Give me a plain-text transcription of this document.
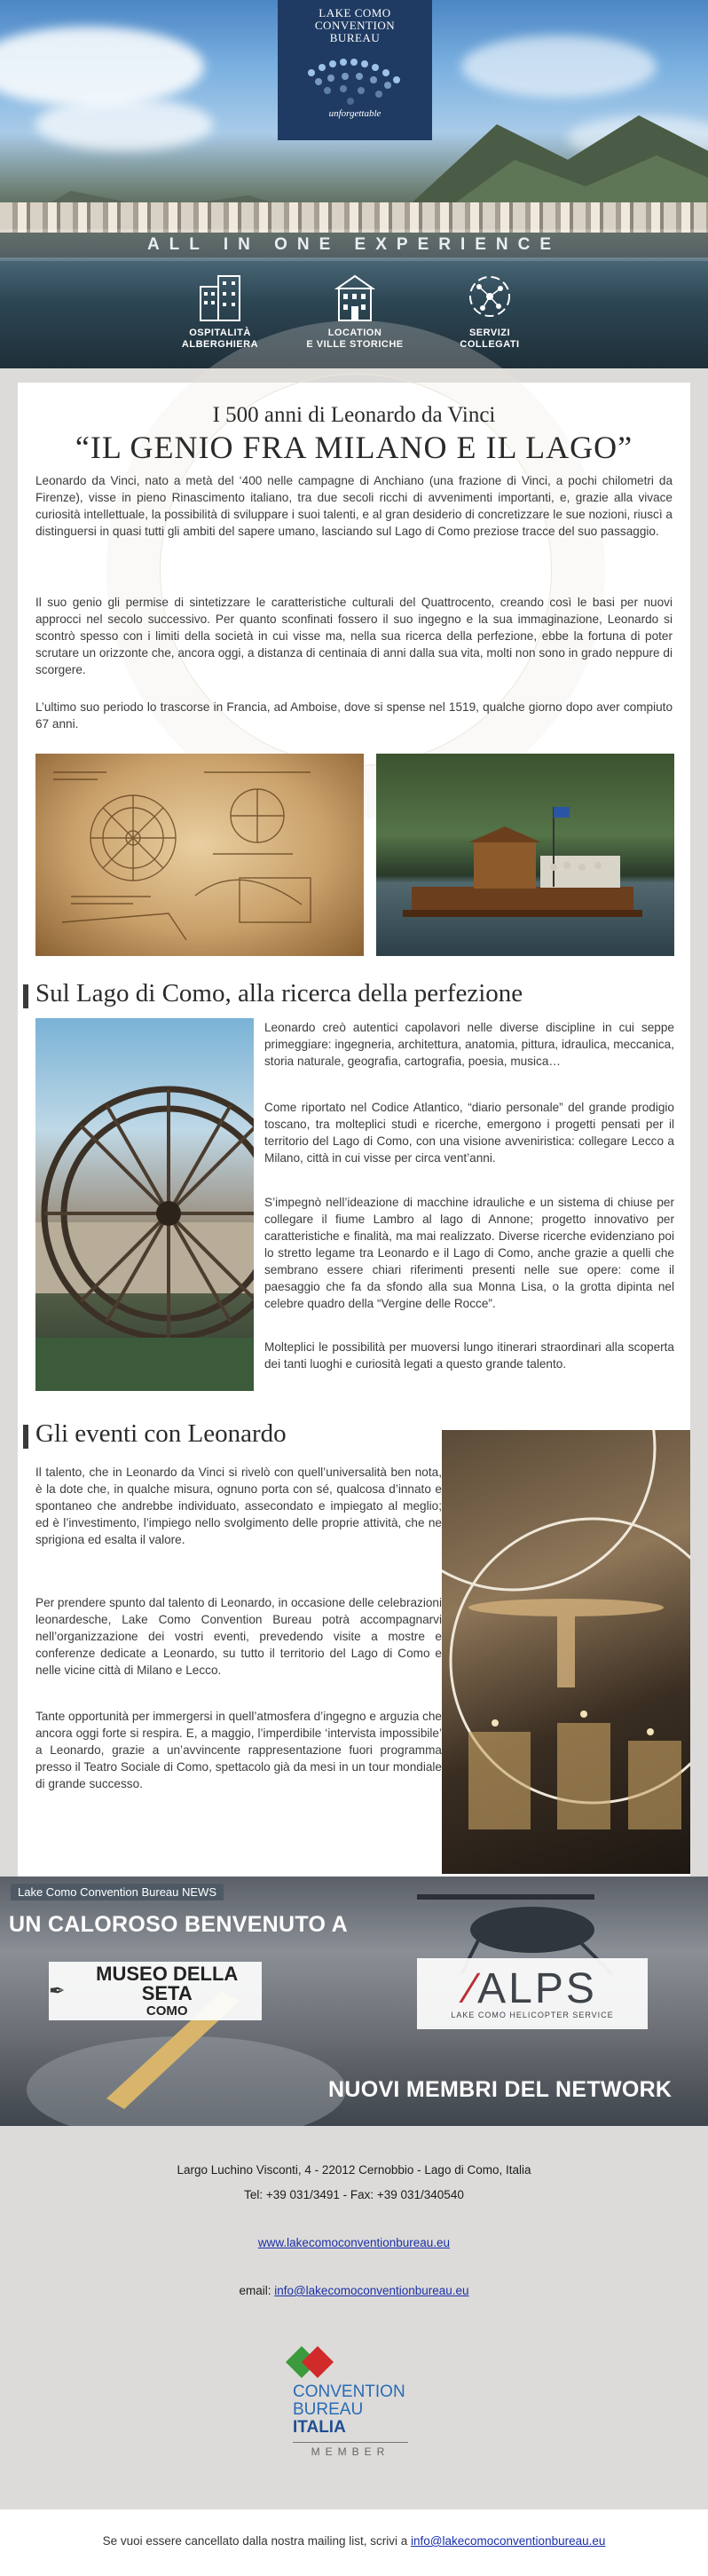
LAKE COMO
CONVENTION
BUREAU
unforgettable
NETWORK
ALL IN ONE EXPERIENCE
OSPITALITÀ
ALBERGHIERA
LOCATION
E VILLE STORICHE
SERVIZI
COLLEGATI
I 500 anni di Leonardo da Vinci
“IL GENIO FRA MILANO E IL LAGO”

Leonardo da Vinci, nato a metà del ‘400 nelle campagne di Anchiano (una frazione di Vinci, a pochi chilometri da Firenze), visse in pieno Rinascimento italiano, tra due secoli ricchi di avvenimenti importanti, e, grazie alla vivace curiosità intellettuale, la possibilità di sviluppare i suoi talenti, e al gran desiderio di concretizzare le sue nozioni, riuscì a distinguersi in quasi tutti gli ambiti del sapere umano, lasciando sul Lago di Como preziose tracce del suo passaggio.

Il suo genio gli permise di sintetizzare le caratteristiche culturali del Quattrocento, creando così le basi per nuovi approcci nel secolo successivo. Per quanto sconfinati fossero il suo ingegno e la sua immaginazione, Leonardo si scontrò spesso con i limiti della società in cui visse ma, nella sua ricerca della perfezione, ebbe la fortuna di poter scrutare un orizzonte che, ancora oggi, a distanza di centinaia di anni dalla sua vita, molti non sono in grado neppure di scorgere.

L’ultimo suo periodo lo trascorse in Francia, ad Amboise, dove si spense nel 1519, qualche giorno dopo aver compiuto 67 anni.

Sul Lago di Como, alla ricerca della perfezione

Leonardo creò autentici capolavori nelle diverse discipline in cui seppe primeggiare: ingegneria, architettura, anatomia, pittura, idraulica, meccanica, storia naturale, geografia, cartografia, poesia, musica…

Come riportato nel Codice Atlantico, “diario personale” del grande prodigio toscano, tra molteplici studi e ricerche, emergono i progetti pensati per il territorio del Lago di Como, con una visione avveniristica: collegare Lecco a Milano, città in cui visse per circa vent’anni.

S’impegnò nell’ideazione di macchine idrauliche e un sistema di chiuse per collegare il fiume Lambro al lago di Annone; progetto innovativo per caratteristiche e finalità, ma mai realizzato. Diverse ricerche evidenziano poi lo stretto legame tra Leonardo e il Lago di Como, anche grazie a quelli che sembrano essere chiari riferimenti presenti nelle sue opere: come il paesaggio che fa da sfondo alla sua Monna Lisa, o la grotta dipinta nel celebre quadro della “Vergine delle Rocce”.

Molteplici le possibilità per muoversi lungo itinerari straordinari alla scoperta dei tanti luoghi e curiosità legati a questo grande talento.

Gli eventi con Leonardo

Il talento, che in Leonardo da Vinci si rivelò con quell’universalità ben nota, è la dote che, in qualche misura, ognuno porta con sé, qualcosa d’innato e spontaneo che andrebbe individuato, assecondato e impiegato al meglio; ed è l’investimento, l’impiego nello svolgimento delle proprie attività, che ne sprigiona ed esalta il valore.

Per prendere spunto dal talento di Leonardo, in occasione delle celebrazioni leonardesche, Lake Como Convention Bureau potrà accompagnarvi nell’organizzazione dei vostri eventi, prevedendo visite a mostre e conferenze dedicate a Leonardo, su tutto il territorio del Lago di Como e nelle vicine città di Milano e Lecco.

Tante opportunità per immergersi in quell’atmosfera d’ingegno e arguzia che ancora oggi forte si respira. E, a maggio, l’imperdibile ‘intervista impossibile’ a Leonardo, grazie a un’avvincente rappresentazione fuori programma presso il Teatro Sociale di Como, spettacolo già da mesi in un tour mondiale di grande successo.

Lake Como Convention Bureau NEWS
UN CALOROSO BENVENUTO A
✒
MUSEO DELLA SETA
COMO	⁄ALPS
LAKE COMO HELICOPTER SERVICE
NUOVI MEMBRI DEL NETWORK
Largo Luchino Visconti, 4 - 22012 Cernobbio - Lago di Como, Italia
Tel: +39 031/3491 - Fax: +39 031/340540
www.lakecomoconventionbureau.eu
email: info@lakecomoconventionbureau.eu
CONVENTION
BUREAU
ITALIA
MEMBER
Se vuoi essere cancellato dalla nostra mailing list, scrivi a info@lakecomoconventionbureau.eu
